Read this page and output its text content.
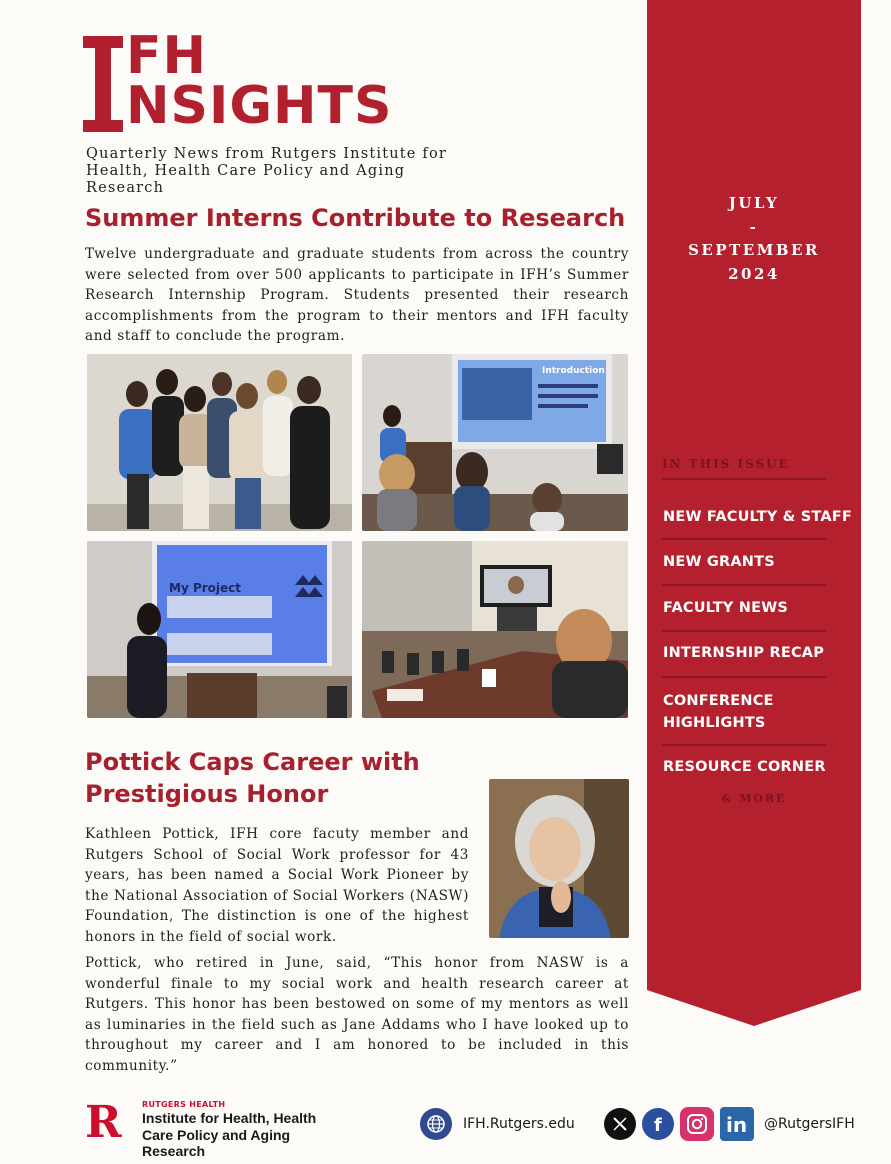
FH
NSIGHTS
Quarterly News from Rutgers Institute for Health, Health Care Policy and Aging Research
Summer Interns Contribute to Research
Twelve undergraduate and graduate students from across the country were selected from over 500 applicants to participate in IFH’s Summer Research Internship Program. Students presented their research accomplishments from the program to their mentors and IFH faculty and staff to conclude the program.
Introduction
My Project
Pottick Caps Career with
Prestigious Honor
Kathleen Pottick, IFH core facuty member and Rutgers School of Social Work professor for 43 years, has been named a Social Work Pioneer by the National Association of Social Workers (NASW) Foundation, The distinction is one of the highest honors in the field of social work.
Pottick, who retired in June, said, “This honor from NASW is a wonderful finale to my social work and health research career at Rutgers. This honor has been bestowed on some of my mentors as well as luminaries in the field such as Jane Addams who I have looked up to throughout my career and I am honored to be included in this community.”
JULY
-
SEPTEMBER
2024
IN THIS ISSUE
NEW FACULTY & STAFF
NEW GRANTS
FACULTY NEWS
INTERNSHIP RECAP
CONFERENCE HIGHLIGHTS
RESOURCE CORNER
& MORE
R	RUTGERS HEALTH
Institute for Health, Health Care Policy and Aging Research
IFH.Rutgers.edu	f	in @RutgersIFH
